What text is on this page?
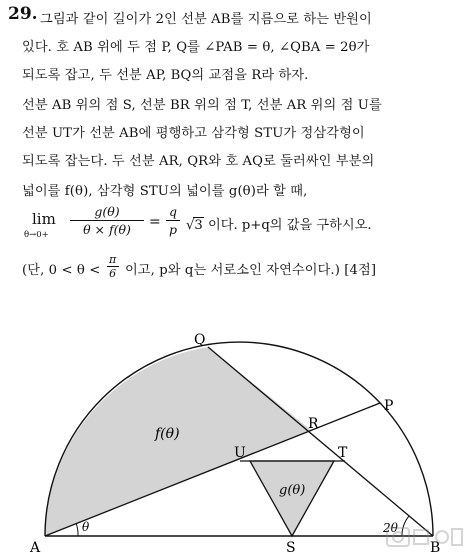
29. 그림과 같이 길이가 2인 선분 AB를 지름으로 하는 반원이
있다. 호 AB 위에 두 점 P, Q를 ∠PAB = θ, ∠QBA = 2θ가
되도록 잡고, 두 선분 AP, BQ의 교점을 R라 하자.
선분 AB 위의 점 S, 선분 BR 위의 점 T, 선분 AR 위의 점 U를
선분 UT가 선분 AB에 평행하고 삼각형 STU가 정삼각형이
되도록 잡는다. 두 선분 AR, QR와 호 AQ로 둘러싸인 부분의
넓이를 f(θ), 삼각형 STU의 넓이를 g(θ)라 할 때,
lim
$\theta\to 0+ \frac{g(\theta)}{\theta \times f(\theta)} = \frac{q}{p} √3$ 이다. p+q의 값을 구하시오.
(단, $0 < \theta < \frac{\pi}{6}$ 이고, p와 q는 서로소인 자연수이다.) [4점]
A	B
P
Q
R
S
T
U
f(θ)
g(θ)
θ	2θ
